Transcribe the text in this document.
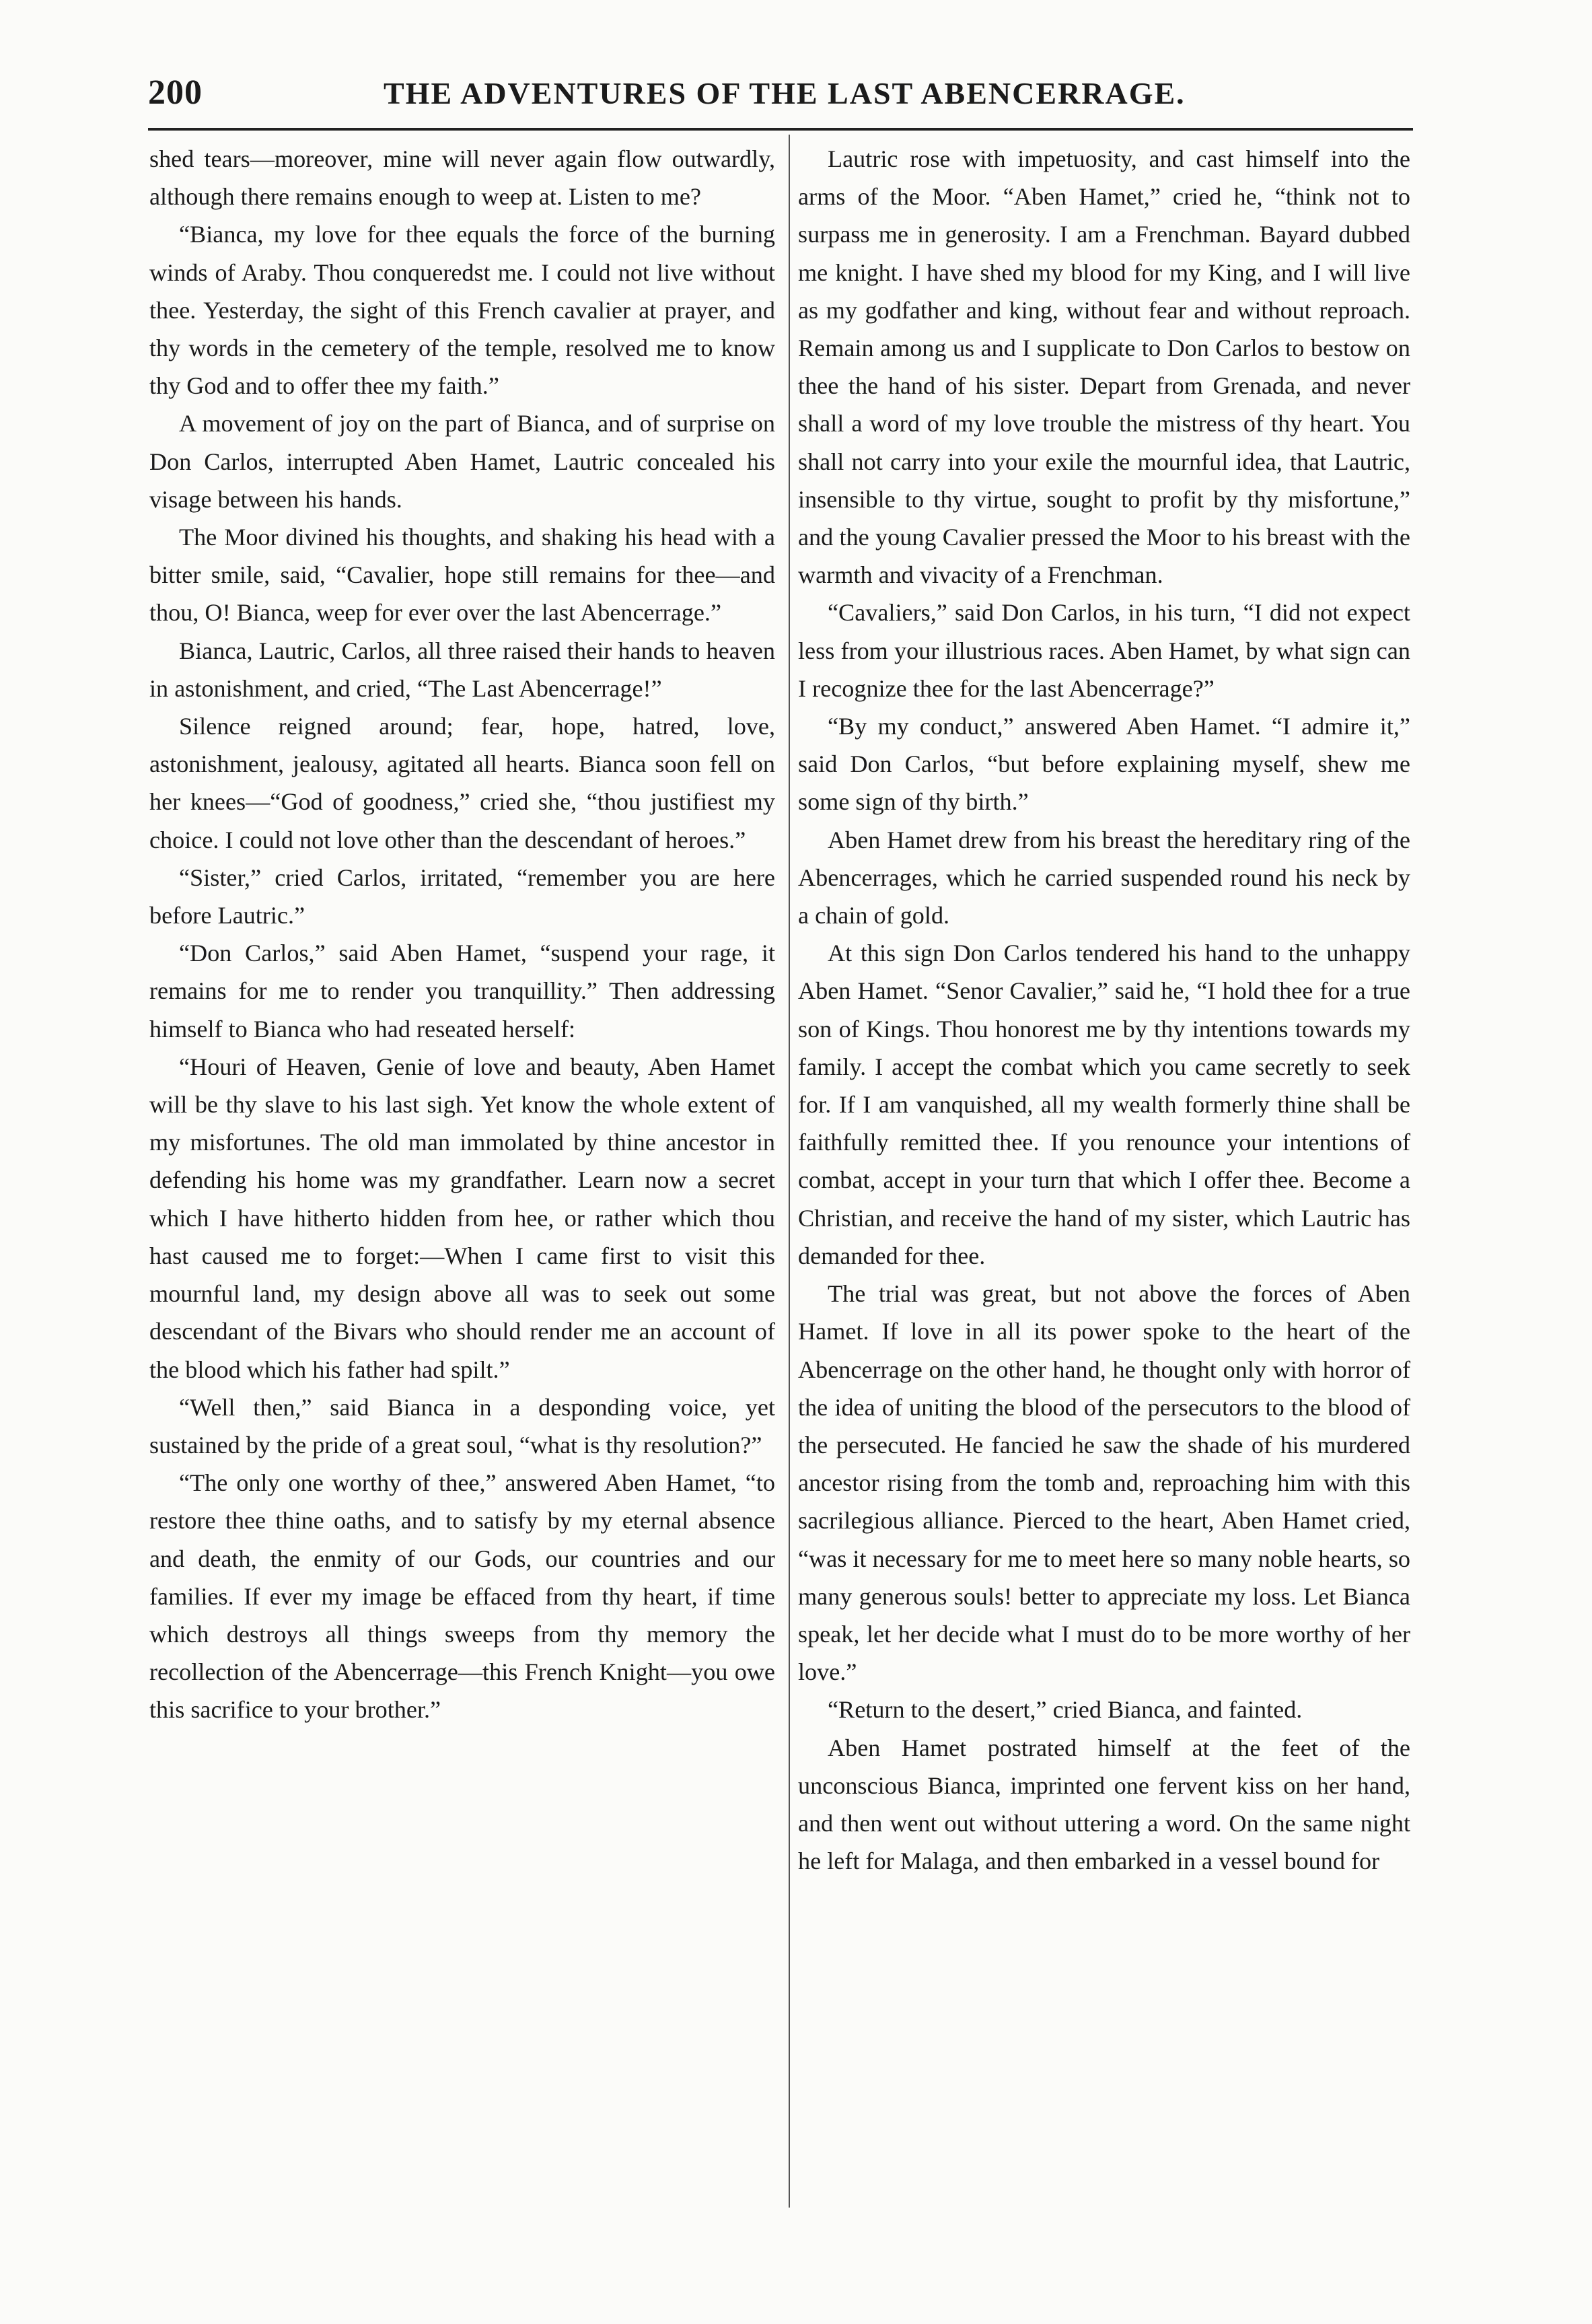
200	THE ADVENTURES OF THE LAST ABENCERRAGE.

shed tears—moreover, mine will never again flow outwardly, although there remains enough to weep at. Listen to me?

“Bianca, my love for thee equals the force of the burning winds of Araby. Thou conqueredst me. I could not live without thee. Yesterday, the sight of this French cavalier at prayer, and thy words in the cemetery of the temple, resolved me to know thy God and to offer thee my faith.”

A movement of joy on the part of Bianca, and of surprise on Don Carlos, interrupted Aben Hamet, Lautric concealed his visage between his hands.

The Moor divined his thoughts, and shaking his head with a bitter smile, said, “Cavalier, hope still remains for thee—and thou, O! Bianca, weep for ever over the last Abencerrage.”

Bianca, Lautric, Carlos, all three raised their hands to heaven in astonishment, and cried, “The Last Abencerrage!”

Silence reigned around; fear, hope, hatred, love, astonishment, jealousy, agitated all hearts. Bianca soon fell on her knees—“God of goodness,” cried she, “thou justifiest my choice. I could not love other than the descendant of heroes.”

“Sister,” cried Carlos, irritated, “remember you are here before Lautric.”

“Don Carlos,” said Aben Hamet, “suspend your rage, it remains for me to render you tranquillity.” Then addressing himself to Bianca who had reseated herself:

“Houri of Heaven, Genie of love and beauty, Aben Hamet will be thy slave to his last sigh. Yet know the whole extent of my misfortunes. The old man immolated by thine ancestor in defending his home was my grandfather. Learn now a secret which I have hitherto hidden from hee, or rather which thou hast caused me to forget:—When I came first to visit this mournful land, my design above all was to seek out some descendant of the Bivars who should render me an account of the blood which his father had spilt.”

“Well then,” said Bianca in a desponding voice, yet sustained by the pride of a great soul, “what is thy resolution?”

“The only one worthy of thee,” answered Aben Hamet, “to restore thee thine oaths, and to satisfy by my eternal absence and death, the enmity of our Gods, our countries and our families. If ever my image be effaced from thy heart, if time which destroys all things sweeps from thy memory the recollection of the Abencerrage—this French Knight—you owe this sacrifice to your brother.”

Lautric rose with impetuosity, and cast himself into the arms of the Moor. “Aben Hamet,” cried he, “think not to surpass me in generosity. I am a Frenchman. Bayard dubbed me knight. I have shed my blood for my King, and I will live as my godfather and king, without fear and without reproach. Remain among us and I supplicate to Don Carlos to bestow on thee the hand of his sister. Depart from Grenada, and never shall a word of my love trouble the mistress of thy heart. You shall not carry into your exile the mournful idea, that Lautric, insensible to thy virtue, sought to profit by thy misfortune,” and the young Cavalier pressed the Moor to his breast with the warmth and vivacity of a Frenchman.

“Cavaliers,” said Don Carlos, in his turn, “I did not expect less from your illustrious races. Aben Hamet, by what sign can I recognize thee for the last Abencerrage?”

“By my conduct,” answered Aben Hamet. “I admire it,” said Don Carlos, “but before explaining myself, shew me some sign of thy birth.”

Aben Hamet drew from his breast the hereditary ring of the Abencerrages, which he carried suspended round his neck by a chain of gold.

At this sign Don Carlos tendered his hand to the unhappy Aben Hamet. “Senor Cavalier,” said he, “I hold thee for a true son of Kings. Thou honorest me by thy intentions towards my family. I accept the combat which you came secretly to seek for. If I am vanquished, all my wealth formerly thine shall be faithfully remitted thee. If you renounce your intentions of combat, accept in your turn that which I offer thee. Become a Christian, and receive the hand of my sister, which Lautric has demanded for thee.

The trial was great, but not above the forces of Aben Hamet. If love in all its power spoke to the heart of the Abencerrage on the other hand, he thought only with horror of the idea of uniting the blood of the persecutors to the blood of the persecuted. He fancied he saw the shade of his murdered ancestor rising from the tomb and, reproaching him with this sacrilegious alliance. Pierced to the heart, Aben Hamet cried, “was it necessary for me to meet here so many noble hearts, so many generous souls! better to appreciate my loss. Let Bianca speak, let her decide what I must do to be more worthy of her love.”

“Return to the desert,” cried Bianca, and fainted.

Aben Hamet postrated himself at the feet of the unconscious Bianca, imprinted one fervent kiss on her hand, and then went out without uttering a word. On the same night he left for Malaga, and then embarked in a vessel bound for
